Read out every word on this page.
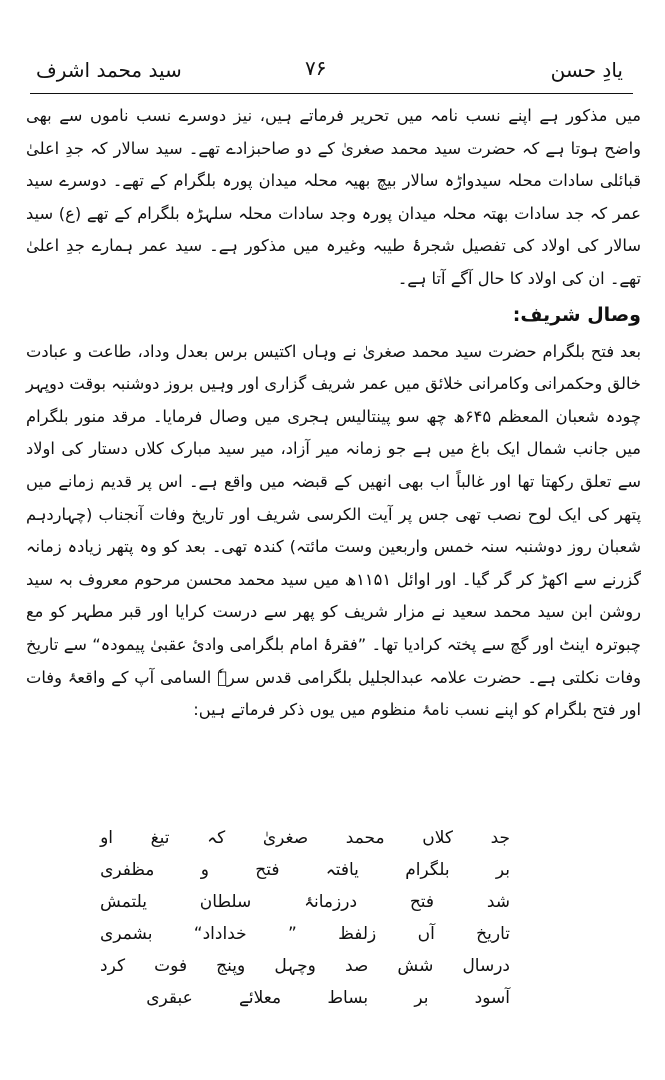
یادِ حسن
۷۶
سید محمد اشرف

میں مذکور ہے اپنے نسب نامہ میں تحریر فرماتے ہیں، نیز دوسرے نسب ناموں سے بھی واضح ہوتا ہے کہ حضرت سید محمد صغریٰ کے دو صاحبزادے تھے۔ سید سالار کہ جدِ اعلیٰ قبائلی سادات محلہ سیدواڑہ سالار بیچ بھیہ محلہ میدان پورہ بلگرام کے تھے۔ دوسرے سید عمر کہ جد سادات بھتہ محلہ میدان پورہ وجد سادات محلہ سلہڑہ بلگرام کے تھے (ع) سید سالار کی اولاد کی تفصیل شجرۂ طیبہ وغیرہ میں مذکور ہے۔ سید عمر ہمارے جدِ اعلیٰ تھے۔ ان کی اولاد کا حال آگے آتا ہے۔

وصال شریف:

بعد فتح بلگرام حضرت سید محمد صغریٰ نے وہاں اکتیس برس بعدل وداد، طاعت و عبادت خالق وحکمرانی وکامرانی خلائق میں عمر شریف گزاری اور وہیں بروز دوشنبہ بوقت دوپہر چودہ شعبان المعظم ۶۴۵ھ چھ سو پینتالیس ہجری میں وصال فرمایا۔ مرقد منور بلگرام میں جانب شمال ایک باغ میں ہے جو زمانہ میر آزاد، میر سید مبارک کلاں دستار کی اولاد سے تعلق رکھتا تھا اور غالباً اب بھی انھیں کے قبضہ میں واقع ہے۔ اس پر قدیم زمانے میں پتھر کی ایک لوح نصب تھی جس پر آیت الکرسی شریف اور تاریخ وفات آنجناب (چہاردہم شعبان روز دوشنبہ سنہ خمس واربعین وست مائتہ) کندہ تھی۔ بعد کو وہ پتھر زیادہ زمانہ گزرنے سے اکھڑ کر گر گیا۔ اور اوائل ۱۱۵۱ھ میں سید محمد محسن مرحوم معروف بہ سید روشن ابن سید محمد سعید نے مزار شریف کو پھر سے درست کرایا اور قبر مطہر کو مع چبوترہ اینٹ اور گچ سے پختہ کرادیا تھا۔ ”فقرۂ امام بلگرامی وادیٔ عقبیٰ پیمودہ“ سے تاریخ وفات نکلتی ہے۔ حضرت علامہ عبدالجلیل بلگرامی قدس سرہٗ السامی آپ کے واقعۂ وفات اور فتح بلگرام کو اپنے نسب نامۂ منظوم میں یوں ذکر فرماتے ہیں:

جد
کلاں
محمد
صغریٰ
کہ
تیغ
او
بر
بلگرام
یافتہ
فتح
و
مظفری
شد
فتح
درزمانۂ
سلطان
یلتمش
تاریخ
آں
زلفظ
”
خداداد“
بشمری
درسال
شش
صد
وچہل
وپنج
فوت
کرد
آسود
بر
بساط
معلائے
عبقری
